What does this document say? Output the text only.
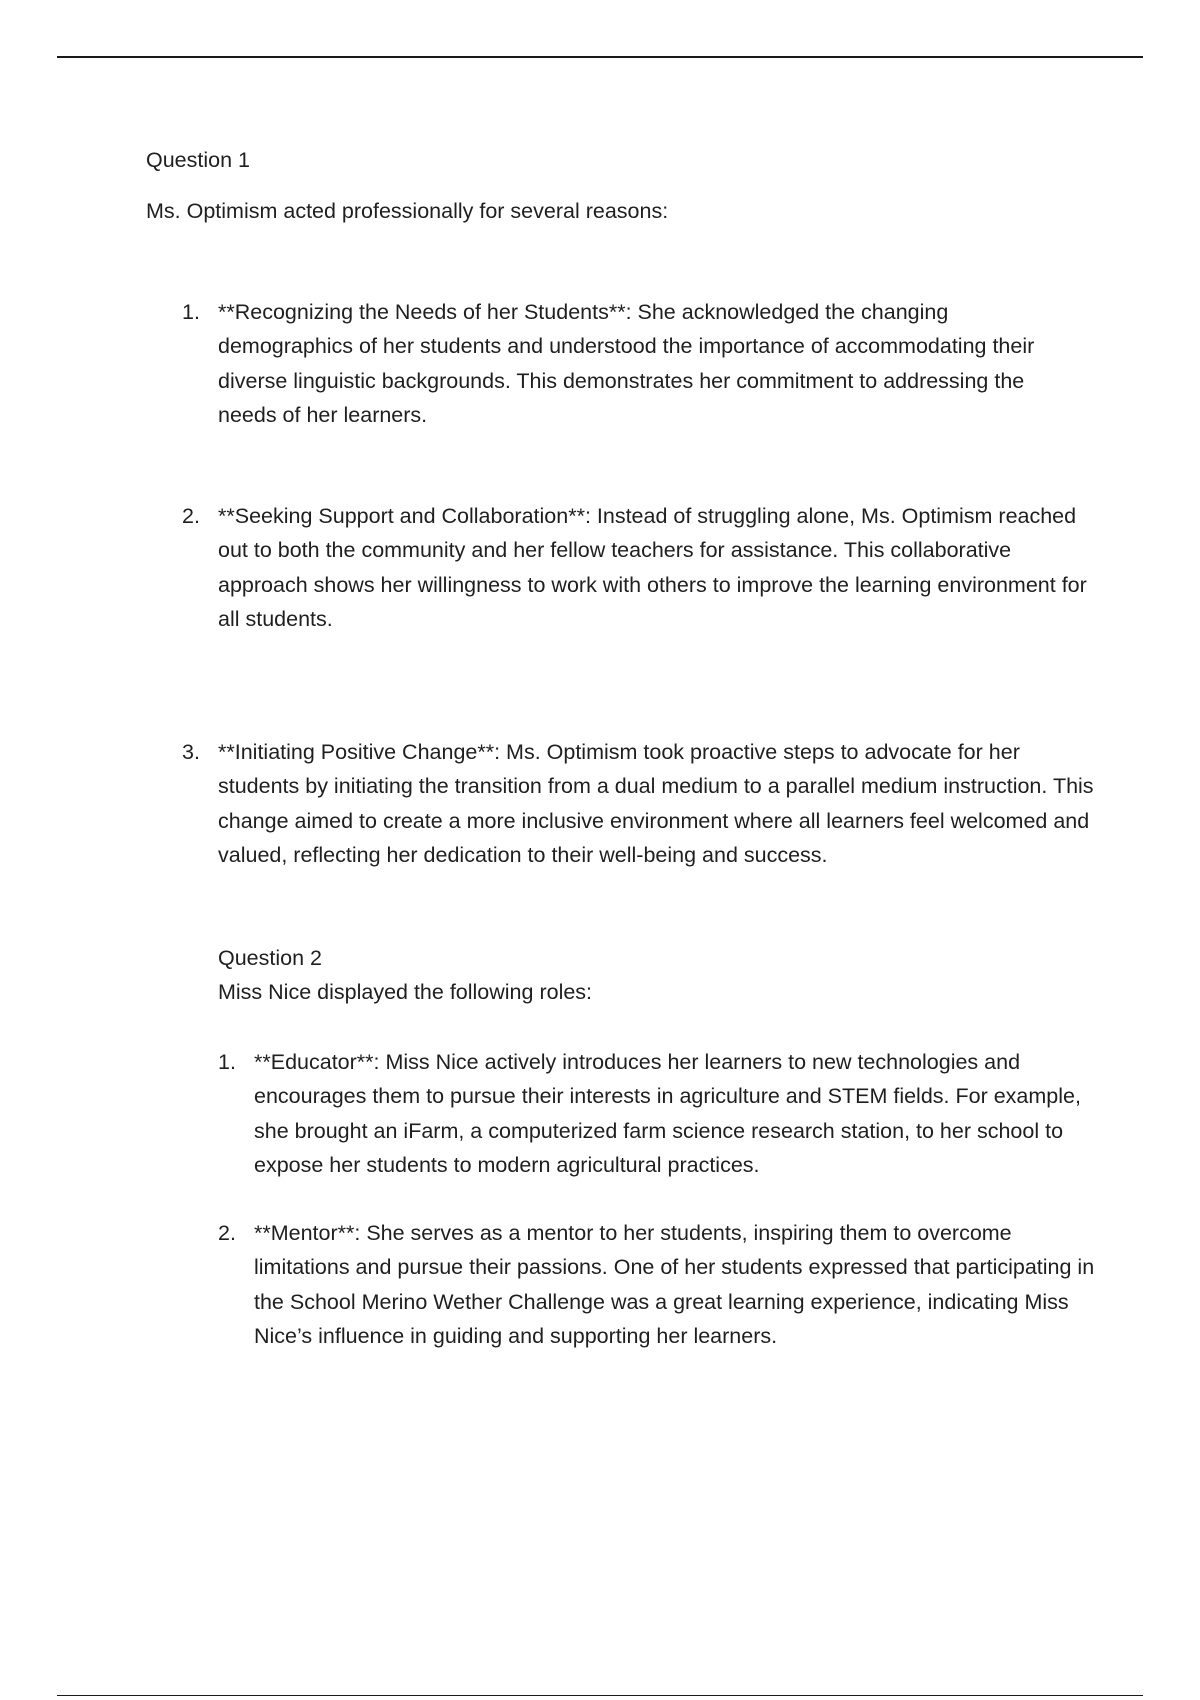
Question 1

Ms. Optimism acted professionally for several reasons:

1. **Recognizing the Needs of her Students**: She acknowledged the changing demographics of her students and understood the importance of accommodating their diverse linguistic backgrounds. This demonstrates her commitment to addressing the needs of her learners.

2. **Seeking Support and Collaboration**: Instead of struggling alone, Ms. Optimism reached out to both the community and her fellow teachers for assistance. This collaborative approach shows her willingness to work with others to improve the learning environment for all students.

3. **Initiating Positive Change**: Ms. Optimism took proactive steps to advocate for her students by initiating the transition from a dual medium to a parallel medium instruction. This change aimed to create a more inclusive environment where all learners feel welcomed and valued, reflecting her dedication to their well-being and success.

Question 2

Miss Nice displayed the following roles:

1. **Educator**: Miss Nice actively introduces her learners to new technologies and encourages them to pursue their interests in agriculture and STEM fields. For example, she brought an iFarm, a computerized farm science research station, to her school to expose her students to modern agricultural practices.

2. **Mentor**: She serves as a mentor to her students, inspiring them to overcome limitations and pursue their passions. One of her students expressed that participating in the School Merino Wether Challenge was a great learning experience, indicating Miss Nice’s influence in guiding and supporting her learners.
